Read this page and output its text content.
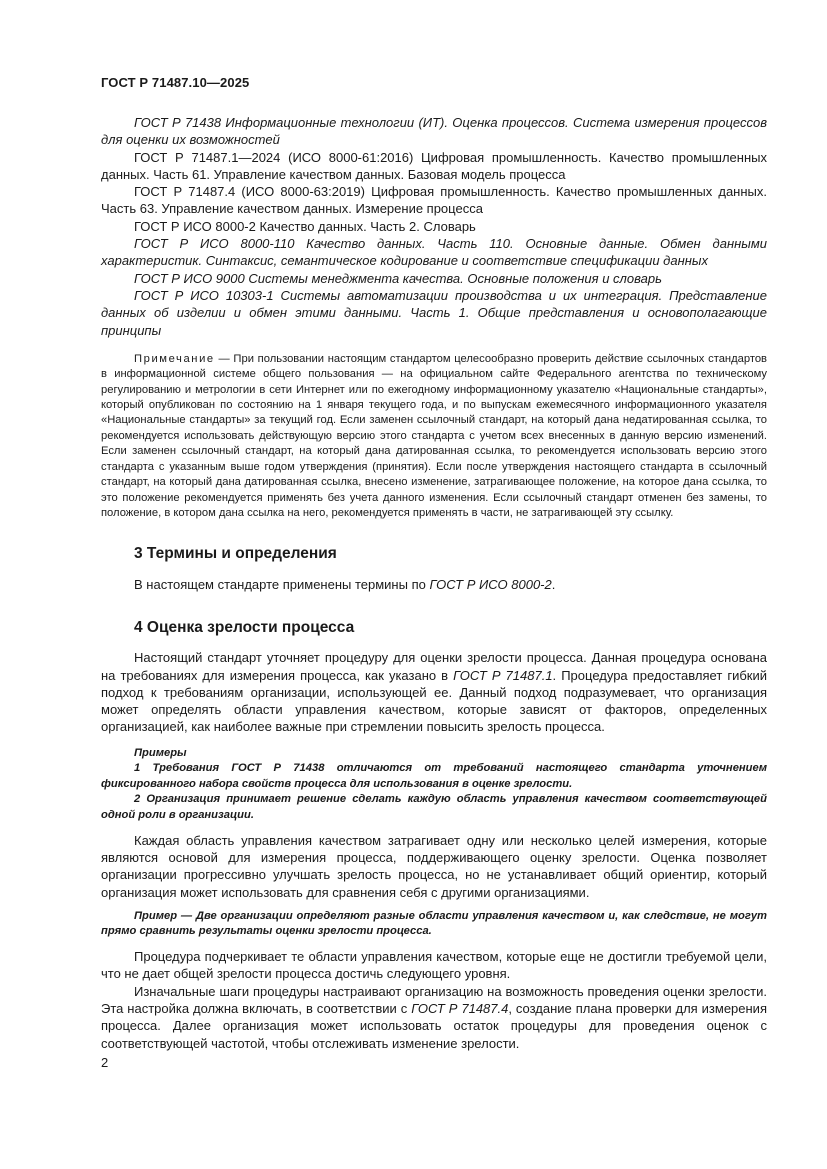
ГОСТ Р 71487.10—2025

ГОСТ Р 71438 Информационные технологии (ИТ). Оценка процессов. Система измерения процессов для оценки их возможностей

ГОСТ Р 71487.1—2024 (ИСО 8000-61:2016) Цифровая промышленность. Качество промышленных данных. Часть 61. Управление качеством данных. Базовая модель процесса

ГОСТ Р 71487.4 (ИСО 8000-63:2019) Цифровая промышленность. Качество промышленных данных. Часть 63. Управление качеством данных. Измерение процесса

ГОСТ Р ИСО 8000-2 Качество данных. Часть 2. Словарь

ГОСТ Р ИСО 8000-110 Качество данных. Часть 110. Основные данные. Обмен данными характеристик. Синтаксис, семантическое кодирование и соответствие спецификации данных

ГОСТ Р ИСО 9000 Системы менеджмента качества. Основные положения и словарь

ГОСТ Р ИСО 10303-1 Системы автоматизации производства и их интеграция. Представление данных об изделии и обмен этими данными. Часть 1. Общие представления и основополагающие принципы

Примечание — При пользовании настоящим стандартом целесообразно проверить действие ссылочных стандартов в информационной системе общего пользования — на официальном сайте Федерального агентства по техническому регулированию и метрологии в сети Интернет или по ежегодному информационному указателю «Национальные стандарты», который опубликован по состоянию на 1 января текущего года, и по выпускам ежемесячного информационного указателя «Национальные стандарты» за текущий год. Если заменен ссылочный стандарт, на который дана недатированная ссылка, то рекомендуется использовать действующую версию этого стандарта с учетом всех внесенных в данную версию изменений. Если заменен ссылочный стандарт, на который дана датированная ссылка, то рекомендуется использовать версию этого стандарта с указанным выше годом утверждения (принятия). Если после утверждения настоящего стандарта в ссылочный стандарт, на который дана датированная ссылка, внесено изменение, затрагивающее положение, на которое дана ссылка, то это положение рекомендуется применять без учета данного изменения. Если ссылочный стандарт отменен без замены, то положение, в котором дана ссылка на него, рекомендуется применять в части, не затрагивающей эту ссылку.

3 Термины и определения

В настоящем стандарте применены термины по ГОСТ Р ИСО 8000-2.

4 Оценка зрелости процесса

Настоящий стандарт уточняет процедуру для оценки зрелости процесса. Данная процедура основана на требованиях для измерения процесса, как указано в ГОСТ Р 71487.1. Процедура предоставляет гибкий подход к требованиям организации, использующей ее. Данный подход подразумевает, что организация может определять области управления качеством, которые зависят от факторов, определенных организацией, как наиболее важные при стремлении повысить зрелость процесса.

Примеры

1 Требования ГОСТ Р 71438 отличаются от требований настоящего стандарта уточнением фиксированного набора свойств процесса для использования в оценке зрелости.

2 Организация принимает решение сделать каждую область управления качеством соответствующей одной роли в организации.

Каждая область управления качеством затрагивает одну или несколько целей измерения, которые являются основой для измерения процесса, поддерживающего оценку зрелости. Оценка позволяет организации прогрессивно улучшать зрелость процесса, но не устанавливает общий ориентир, который организация может использовать для сравнения себя с другими организациями.

Пример — Две организации определяют разные области управления качеством и, как следствие, не могут прямо сравнить результаты оценки зрелости процесса.

Процедура подчеркивает те области управления качеством, которые еще не достигли требуемой цели, что не дает общей зрелости процесса достичь следующего уровня.

Изначальные шаги процедуры настраивают организацию на возможность проведения оценки зрелости. Эта настройка должна включать, в соответствии с ГОСТ Р 71487.4, создание плана проверки для измерения процесса. Далее организация может использовать остаток процедуры для проведения оценок с соответствующей частотой, чтобы отслеживать изменение зрелости.

2
